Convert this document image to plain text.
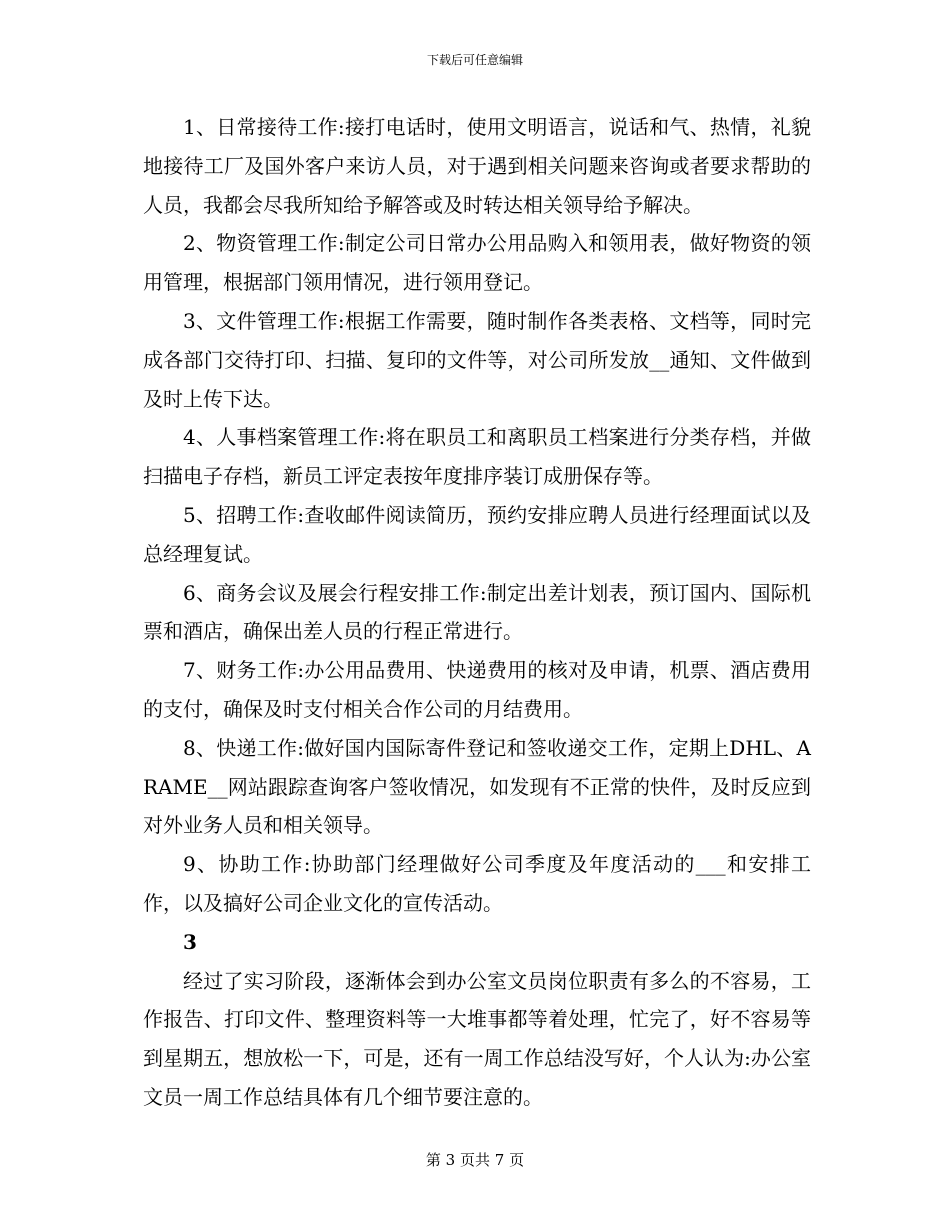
下载后可任意编辑

1、日常接待工作:接打电话时，使用文明语言，说话和气、热情，礼貌地接待工厂及国外客户来访人员，对于遇到相关问题来咨询或者要求帮助的人员，我都会尽我所知给予解答或及时转达相关领导给予解决。

2、物资管理工作:制定公司日常办公用品购入和领用表，做好物资的领用管理，根据部门领用情况，进行领用登记。

3、文件管理工作:根据工作需要，随时制作各类表格、文档等，同时完成各部门交待打印、扫描、复印的文件等，对公司所发放__通知、文件做到及时上传下达。

4、人事档案管理工作:将在职员工和离职员工档案进行分类存档，并做扫描电子存档，新员工评定表按年度排序装订成册保存等。

5、招聘工作:查收邮件阅读简历，预约安排应聘人员进行经理面试以及总经理复试。

6、商务会议及展会行程安排工作:制定出差计划表，预订国内、国际机票和酒店，确保出差人员的行程正常进行。

7、财务工作:办公用品费用、快递费用的核对及申请，机票、酒店费用的支付，确保及时支付相关合作公司的月结费用。

8、快递工作:做好国内国际寄件登记和签收递交工作，定期上DHL、ARAME__网站跟踪查询客户签收情况，如发现有不正常的快件，及时反应到对外业务人员和相关领导。

9、协助工作:协助部门经理做好公司季度及年度活动的___和安排工作，以及搞好公司企业文化的宣传活动。

3

经过了实习阶段，逐渐体会到办公室文员岗位职责有多么的不容易，工作报告、打印文件、整理资料等一大堆事都等着处理，忙完了，好不容易等到星期五，想放松一下，可是，还有一周工作总结没写好，个人认为:办公室文员一周工作总结具体有几个细节要注意的。

第 3 页共 7 页
